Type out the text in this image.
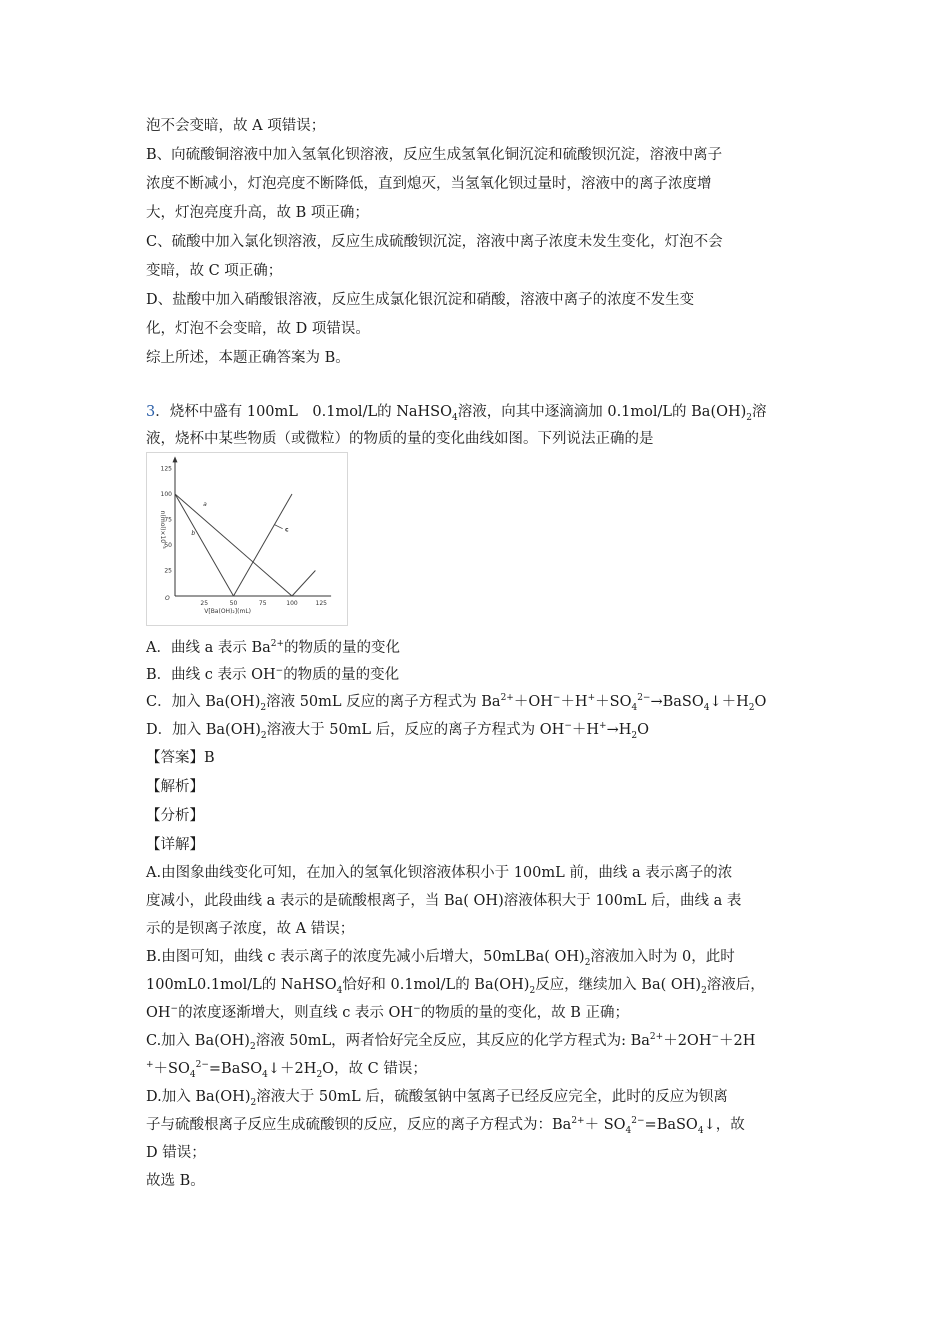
泡不会变暗，故 A 项错误；
B、向硫酸铜溶液中加入氢氧化钡溶液，反应生成氢氧化铜沉淀和硫酸钡沉淀，溶液中离子
浓度不断减小，灯泡亮度不断降低，直到熄灭，当氢氧化钡过量时，溶液中的离子浓度增
大，灯泡亮度升高，故 B 项正确；
C、硫酸中加入氯化钡溶液，反应生成硫酸钡沉淀，溶液中离子浓度未发生变化，灯泡不会
变暗，故 C 项正确；
D、盐酸中加入硝酸银溶液，反应生成氯化银沉淀和硝酸，溶液中离子的浓度不发生变
化，灯泡不会变暗，故 D 项错误。
综上所述，本题正确答案为 B。
3．烧杯中盛有 100mL　0.1mol/L的 NaHSO$_4$溶液，向其中逐滴滴加 0.1mol/L的 $Ba(OH)_2$溶
液，烧杯中某些物质（或微粒）的物质的量的变化曲线如图。下列说法正确的是
25	50	75	100	125
25
50
75
100
125
O
V[Ba(OH)₂](mL)
n(mol)×10⁻³
a
b	c
A．曲线 a 表示 $Ba^{2+}$的物质的量的变化
B．曲线 c 表示 OH−的物质的量的变化
C．加入 $Ba(OH)_2$溶液 50mL 反应的离子方程式为 $Ba^{2+}+OH^-+H^++SO_4^{2-}\to BaSO_4↓+H_2O$
D．加入 $Ba(OH)_2$溶液大于 50mL 后，反应的离子方程式为 $OH^-+H^+\to H_2O$
【答案】B
【解析】
【分析】
【详解】
A.由图象曲线变化可知，在加入的氢氧化钡溶液体积小于 100mL 前，曲线 a 表示离子的浓
度减小，此段曲线 a 表示的是硫酸根离子，当 Ba( OH)溶液体积大于 100mL 后，曲线 a 表
示的是钡离子浓度，故 A 错误；
B.由图可知，曲线 c 表示离子的浓度先减小后增大，50mLBa( $OH)_2$溶液加入时为 0，此时
100mL0.1mol/L的 NaHSO$_4$恰好和 0.1mol/L的 $Ba(OH)_2$反应，继续加入 Ba( $OH)_2$溶液后，
OH−的浓度逐渐增大，则直线 c 表示 OH−的物质的量的变化，故 B 正确；
C.加入 $Ba(OH)_2$溶液 50mL，两者恰好完全反应，其反应的化学方程式为: $Ba^{2+}+2OH^-+2H$
$^++SO_4^{2-}=BaSO_4↓+2H_2O$，故 C 错误；
D.加入 $Ba(OH)_2$溶液大于 50mL 后，硫酸氢钠中氢离子已经反应完全，此时的反应为钡离
子与硫酸根离子反应生成硫酸钡的反应，反应的离子方程式为：$Ba^{2+}+$ $SO_4^{2-}=BaSO_4↓$，故
D 错误；
故选 B。
